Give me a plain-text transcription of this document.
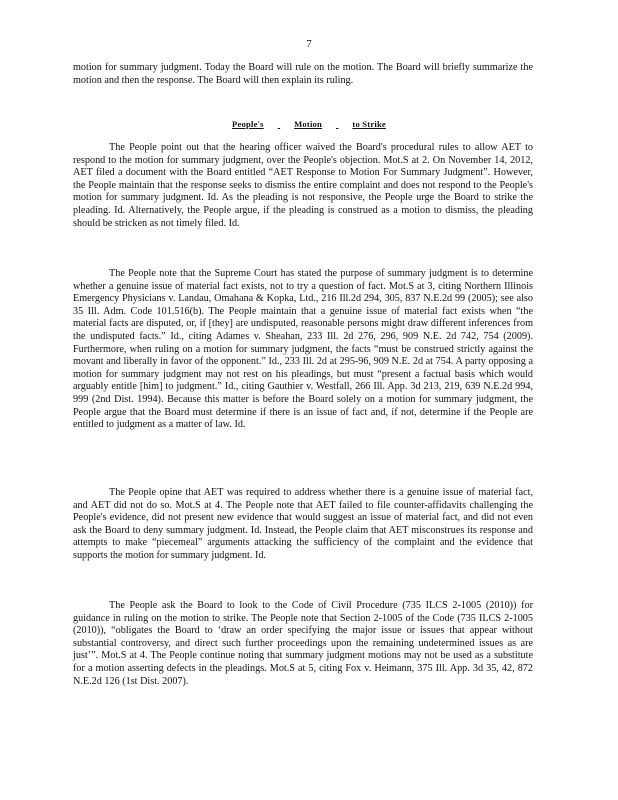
7

motion for summary judgment. Today the Board will rule on the motion. The Board will briefly summarize the motion and then the response. The Board will then explain its ruling.

People's	Motion	to Strike

The People point out that the hearing officer waived the Board's procedural rules to allow AET to respond to the motion for summary judgment, over the People's objection. Mot.S at 2. On November 14, 2012, AET filed a document with the Board entitled “AET Response to Motion For Summary Judgment”. However, the People maintain that the response seeks to dismiss the entire complaint and does not respond to the People's motion for summary judgment. Id. As the pleading is not responsive, the People urge the Board to strike the pleading. Id. Alternatively, the People argue, if the pleading is construed as a motion to dismiss, the pleading should be stricken as not timely filed. Id.

The People note that the Supreme Court has stated the purpose of summary judgment is to determine whether a genuine issue of material fact exists, not to try a question of fact. Mot.S at 3, citing Northern Illinois Emergency Physicians v. Landau, Omahana & Kopka, Ltd., 216 Ill.2d 294, 305, 837 N.E.2d 99 (2005); see also 35 Ill. Adm. Code 101.516(b). The People maintain that a genuine issue of material fact exists when “the material facts are disputed, or, if [they] are undisputed, reasonable persons might draw different inferences from the undisputed facts.” Id., citing Adames v. Sheahan, 233 Ill. 2d 276, 296, 909 N.E. 2d 742, 754 (2009). Furthermore, when ruling on a motion for summary judgment, the facts “must be construed strictly against the movant and liberally in favor of the opponent.” Id., 233 Ill. 2d at 295-96, 909 N.E. 2d at 754. A party opposing a motion for summary judgment may not rest on his pleadings, but must “present a factual basis which would arguably entitle [him] to judgment.” Id., citing Gauthier v. Westfall, 266 Ill. App. 3d 213, 219, 639 N.E.2d 994, 999 (2nd Dist. 1994). Because this matter is before the Board solely on a motion for summary judgment, the People argue that the Board must determine if there is an issue of fact and, if not, determine if the People are entitled to judgment as a matter of law. Id.

The People opine that AET was required to address whether there is a genuine issue of material fact, and AET did not do so. Mot.S at 4. The People note that AET failed to file counter-affidavits challenging the People's evidence, did not present new evidence that would suggest an issue of material fact, and did not even ask the Board to deny summary judgment. Id. Instead, the People claim that AET misconstrues its response and attempts to make “piecemeal” arguments attacking the sufficiency of the complaint and the evidence that supports the motion for summary judgment. Id.

The People ask the Board to look to the Code of Civil Procedure (735 ILCS 2-1005 (2010)) for guidance in ruling on the motion to strike. The People note that Section 2-1005 of the Code (735 ILCS 2-1005 (2010)), “obligates the Board to ‘draw an order specifying the major issue or issues that appear without substantial controversy, and direct such further proceedings upon the remaining undetermined issues as are just’”. Mot.S at 4. The People continue noting that summary judgment motions may not be used as a substitute for a motion asserting defects in the pleadings. Mot.S at 5, citing Fox v. Heimann, 375 Ill. App. 3d 35, 42, 872 N.E.2d 126 (1st Dist. 2007).
